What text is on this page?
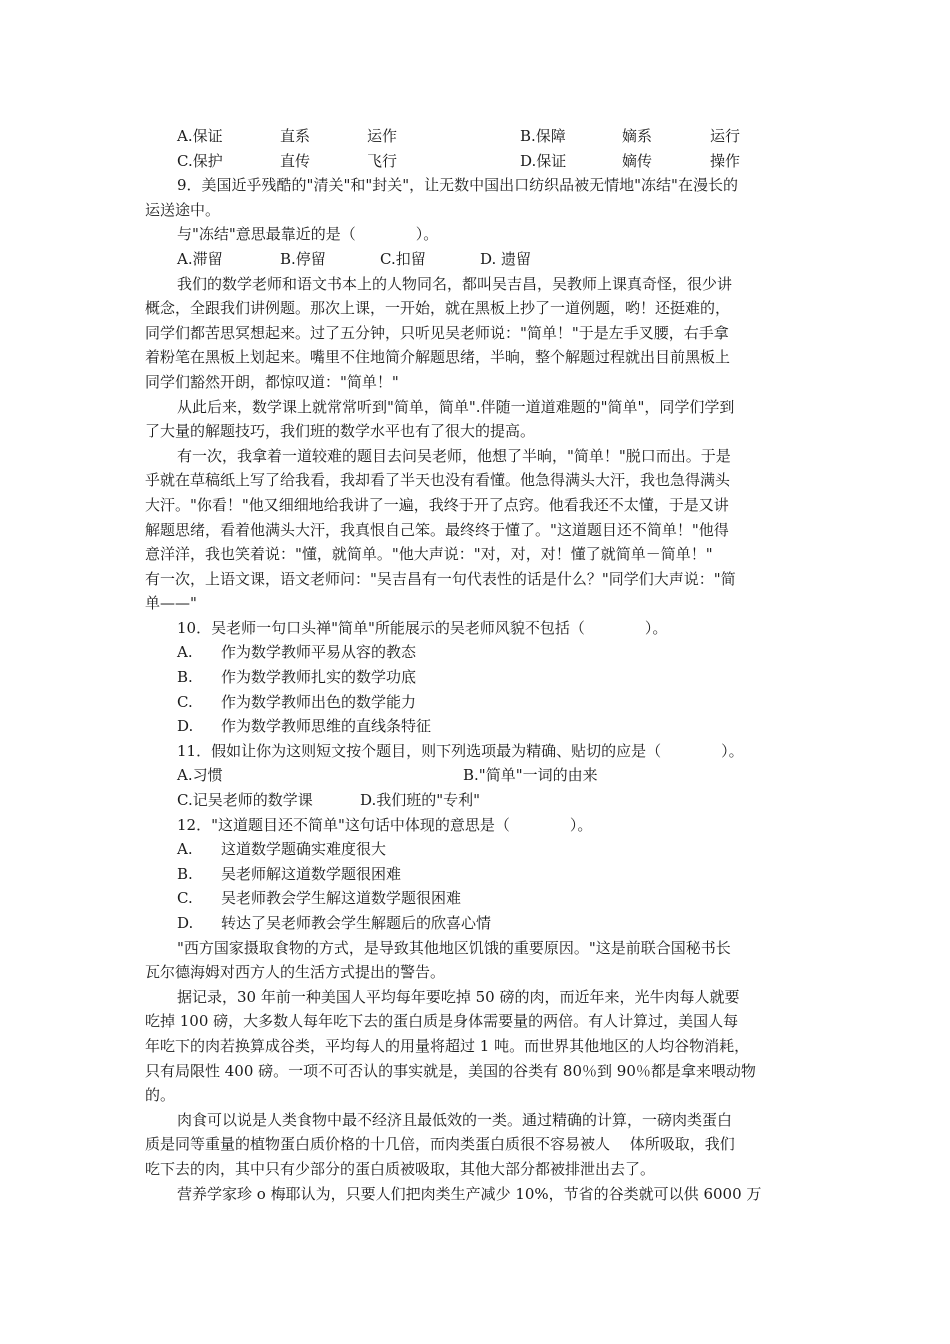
A.保证	直系	运作	B.保障	嫡系	运行
C.保护	直传	飞行	D.保证	嫡传	操作
9．美国近乎残酷的"清关"和"封关"，让无数中国出口纺织品被无情地"冻结"在漫长的
运送途中。
与"冻结"意思最靠近的是（　　　　）。
A.滞留	B.停留	C.扣留	D. 遗留
我们的数学老师和语文书本上的人物同名，都叫吴吉昌，吴教师上课真奇怪，很少讲
概念，全跟我们讲例题。那次上课，一开始，就在黑板上抄了一道例题，哟！还挺难的，
同学们都苦思冥想起来。过了五分钟，只听见吴老师说："简单！"于是左手叉腰，右手拿
着粉笔在黑板上划起来。嘴里不住地简介解题思绪，半晌，整个解题过程就出目前黑板上
同学们豁然开朗，都惊叹道："简单！"
从此后来，数学课上就常常听到"简单，简单".伴随一道道难题的"简单"，同学们学到
了大量的解题技巧，我们班的数学水平也有了很大的提高。
有一次，我拿着一道较难的题目去问吴老师，他想了半晌，"简单！"脱口而出。于是
乎就在草稿纸上写了给我看，我却看了半天也没有看懂。他急得满头大汗，我也急得满头
大汗。"你看！"他又细细地给我讲了一遍，我终于开了点窍。他看我还不太懂，于是又讲
解题思绪，看着他满头大汗，我真恨自己笨。最终终于懂了。"这道题目还不简单！"他得
意洋洋，我也笑着说："懂，就简单。"他大声说："对，对，对！懂了就简单－简单！"
有一次，上语文课，语文老师问："吴吉昌有一句代表性的话是什么？"同学们大声说："简
单——"
10．吴老师一句口头禅"简单"所能展示的吴老师风貌不包括（　　　　）。
A. 作为数学教师平易从容的教态
B. 作为数学教师扎实的数学功底
C. 作为数学教师出色的数学能力
D. 作为数学教师思维的直线条特征
11．假如让你为这则短文按个题目，则下列选项最为精确、贴切的应是（　　　　）。
A.习惯	B."简单"一词的由来
C.记吴老师的数学课	D.我们班的"专利"
12．"这道题目还不简单"这句话中体现的意思是（　　　　）。
A. 这道数学题确实难度很大
B. 吴老师解这道数学题很困难
C. 吴老师教会学生解这道数学题很困难
D. 转达了吴老师教会学生解题后的欣喜心情
"西方国家摄取食物的方式，是导致其他地区饥饿的重要原因。"这是前联合国秘书长
瓦尔德海姆对西方人的生活方式提出的警告。
据记录，30 年前一种美国人平均每年要吃掉 50 磅的肉，而近年来，光牛肉每人就要
吃掉 100 磅，大多数人每年吃下去的蛋白质是身体需要量的两倍。有人计算过，美国人每
年吃下的肉若换算成谷类，平均每人的用量将超过 1 吨。而世界其他地区的人均谷物消耗，
只有局限性 400 磅。一项不可否认的事实就是，美国的谷类有 80％到 90％都是拿来喂动物
的。
肉食可以说是人类食物中最不经济且最低效的一类。通过精确的计算，一磅肉类蛋白
质是同等重量的植物蛋白质价格的十几倍，而肉类蛋白质很不容易被人　 体所吸取，我们
吃下去的肉，其中只有少部分的蛋白质被吸取，其他大部分都被排泄出去了。
营养学家珍 o 梅耶认为，只要人们把肉类生产减少 10%，节省的谷类就可以供 6000 万
